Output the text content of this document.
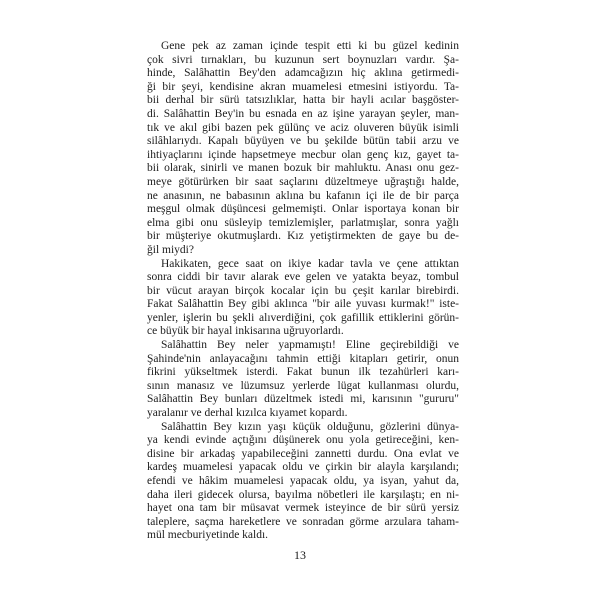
Gene pek az zaman içinde tespit etti ki bu güzel kedinin
çok sivri tırnakları, bu kuzunun sert boynuzları vardır. Şa-
hinde, Salâhattin Bey'den adamcağızın hiç aklına getirmedi-
ği bir şeyi, kendisine akran muamelesi etmesini istiyordu. Ta-
bii derhal bir sürü tatsızlıklar, hatta bir hayli acılar başgöster-
di. Salâhattin Bey'in bu esnada en az işine yarayan şeyler, man-
tık ve akıl gibi bazen pek gülünç ve aciz oluveren büyük isimli
silâhlarıydı. Kapalı büyüyen ve bu şekilde bütün tabii arzu ve
ihtiyaçlarını içinde hapsetmeye mecbur olan genç kız, gayet ta-
bii olarak, sinirli ve manen bozuk bir mahluktu. Anası onu gez-
meye götürürken bir saat saçlarını düzeltmeye uğraştığı halde,
ne anasının, ne babasının aklına bu kafanın içi ile de bir parça
meşgul olmak düşüncesi gelmemişti. Onlar isportaya konan bir
elma gibi onu süsleyip temizlemişler, parlatmışlar, sonra yağlı
bir müşteriye okutmuşlardı. Kız yetiştirmekten de gaye bu de-
ğil miydi?
Hakikaten, gece saat on ikiye kadar tavla ve çene attıktan
sonra ciddi bir tavır alarak eve gelen ve yatakta beyaz, tombul
bir vücut arayan birçok kocalar için bu çeşit karılar birebirdi.
Fakat Salâhattin Bey gibi aklınca "bir aile yuvası kurmak!" iste-
yenler, işlerin bu şekli alıverdiğini, çok gafillik ettiklerini görün-
ce büyük bir hayal inkisarına uğruyorlardı.
Salâhattin Bey neler yapmamıştı! Eline geçirebildiği ve
Şahinde'nin anlayacağını tahmin ettiği kitapları getirir, onun
fikrini yükseltmek isterdi. Fakat bunun ilk tezahürleri karı-
sının manasız ve lüzumsuz yerlerde lügat kullanması olurdu,
Salâhattin Bey bunları düzeltmek istedi mi, karısının "gururu"
yaralanır ve derhal kızılca kıyamet kopardı.
Salâhattin Bey kızın yaşı küçük olduğunu, gözlerini dünya-
ya kendi evinde açtığını düşünerek onu yola getireceğini, ken-
disine bir arkadaş yapabileceğini zannetti durdu. Ona evlat ve
kardeş muamelesi yapacak oldu ve çirkin bir alayla karşılandı;
efendi ve hâkim muamelesi yapacak oldu, ya isyan, yahut da,
daha ileri gidecek olursa, bayılma nöbetleri ile karşılaştı; en ni-
hayet ona tam bir müsavat vermek isteyince de bir sürü yersiz
taleplere, saçma hareketlere ve sonradan görme arzulara taham-
mül mecburiyetinde kaldı.
13
